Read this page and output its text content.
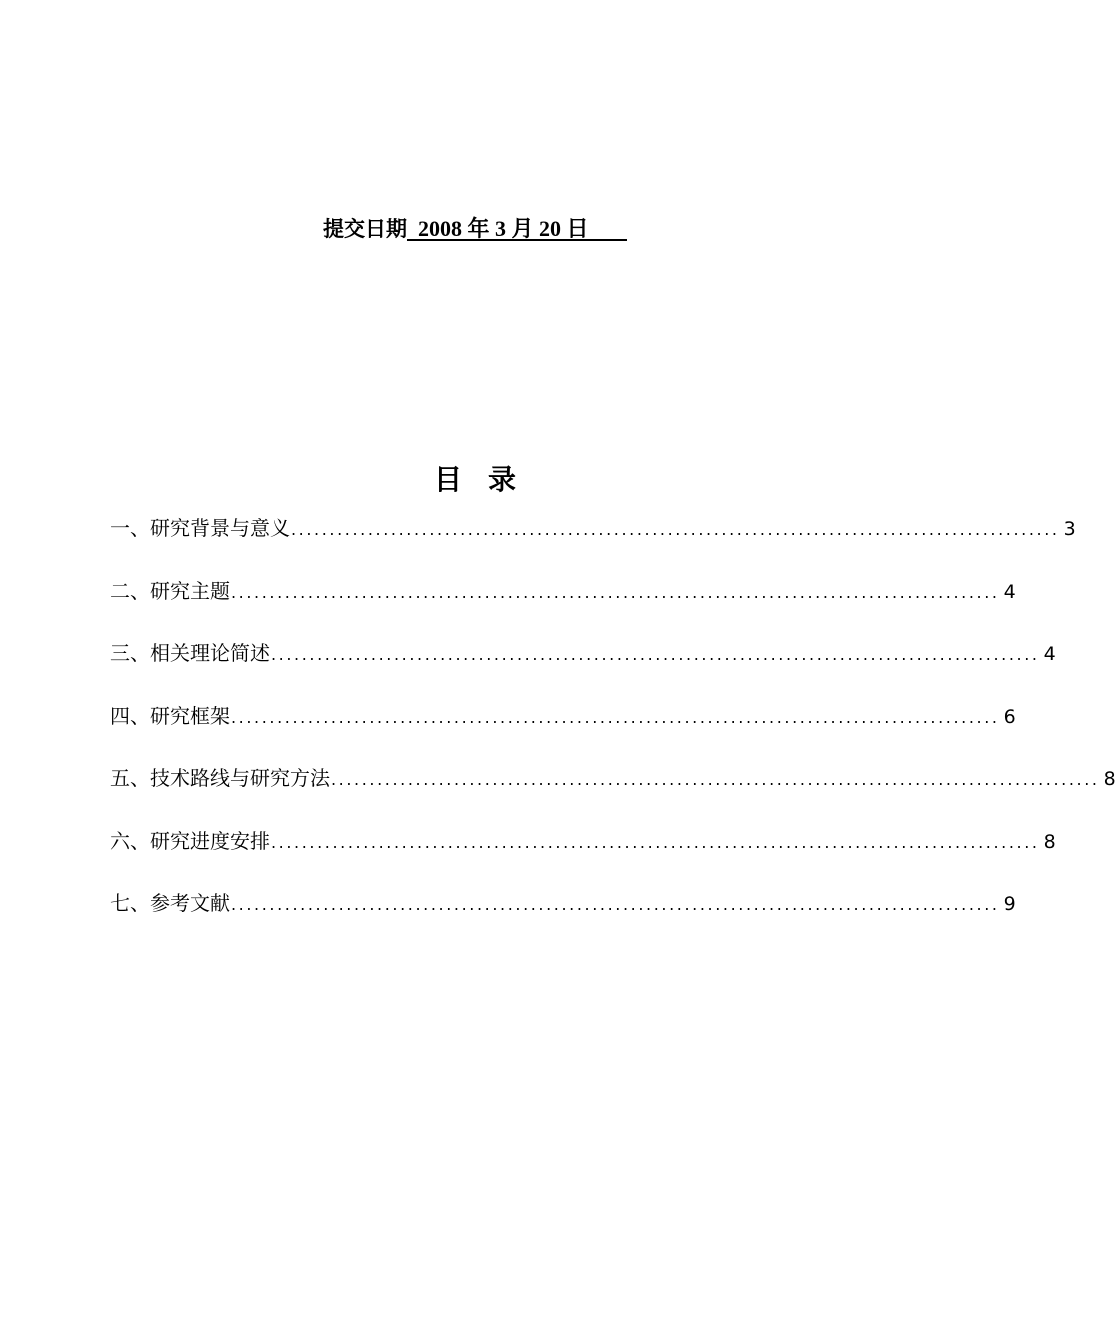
提交日期  2008 年 3 月 20 日
目录
一、研究背景与意义 .................................................................................................... 3
二、研究主题 .................................................................................................... 4
三、相关理论简述 .................................................................................................... 4
四、研究框架 .................................................................................................... 6
五、技术路线与研究方法 .................................................................................................... 8
六、研究进度安排 .................................................................................................... 8
七、参考文献 .................................................................................................... 9
